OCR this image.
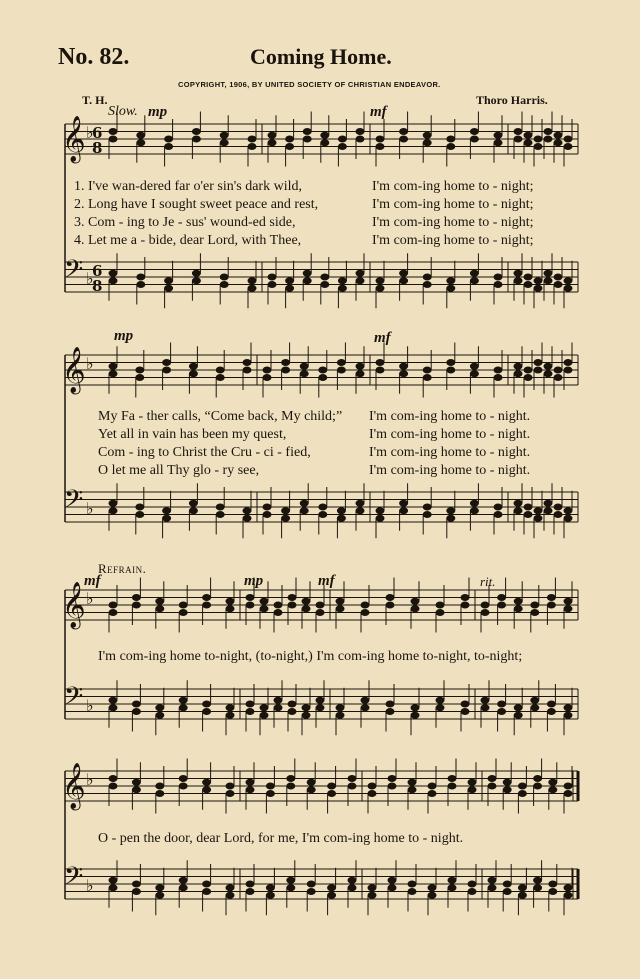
No. 82.	Coming Home.
COPYRIGHT, 1906, BY UNITED SOCIETY OF CHRISTIAN ENDEAVOR.
T. H.	Thoro Harris.
Slow. mp	mf
mp	mf
Refrain.
mf	mp	mf	rit.
1. I've wan-dered far o'er sin's dark wild,	I'm com-ing home to - night;
2. Long have I sought sweet peace and rest,	I'm com-ing home to - night;
3. Com - ing to Je - sus' wound-ed side,	I'm com-ing home to - night;
4. Let me a - bide, dear Lord, with Thee,	I'm com-ing home to - night;
My Fa - ther calls, “Come back, My child;” I'm com-ing home to - night.
Yet all in vain has been my quest,	I'm com-ing home to - night.
Com - ing to Christ the Cru - ci - fied,	I'm com-ing home to - night.
O let me all Thy glo - ry see,	I'm com-ing home to - night.
I'm com-ing home to-night, (to-night,) I'm com-ing home to-night, to-night;
O - pen the door, dear Lord, for me, I'm com-ing home to - night.
𝄞 ♭
6
8
𝄢 ♭
6
8
𝄞 ♭
𝄢 ♭
𝄞 ♭
𝄢 ♭
𝄞 ♭
𝄢 ♭
